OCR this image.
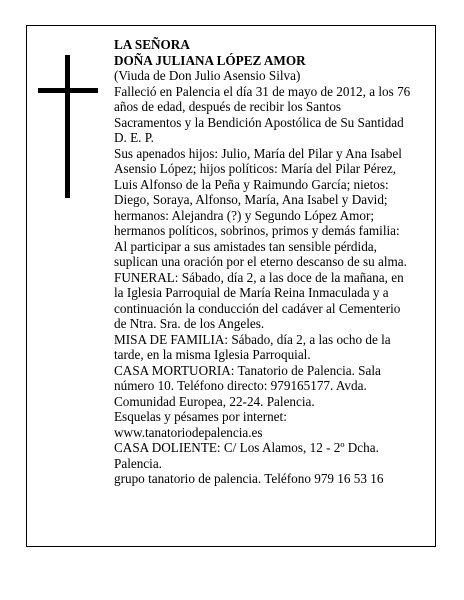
LA SEÑORA
DOÑA JULIANA LÓPEZ AMOR
(Viuda de Don Julio Asensio Silva)
Falleció en Palencia el día 31 de mayo de 2012, a los 76
años de edad, después de recibir los Santos
Sacramentos y la Bendición Apostólica de Su Santidad
D. E. P.
Sus apenados hijos: Julio, María del Pilar y Ana Isabel
Asensio López; hijos políticos: María del Pilar Pérez,
Luis Alfonso de la Peña y Raimundo García; nietos:
Diego, Soraya, Alfonso, María, Ana Isabel y David;
hermanos: Alejandra (?) y Segundo López Amor;
hermanos políticos, sobrinos, primos y demás familia:
Al participar a sus amistades tan sensible pérdida,
suplican una oración por el eterno descanso de su alma.
FUNERAL: Sábado, día 2, a las doce de la mañana, en
la Iglesia Parroquial de María Reina Inmaculada y a
continuación la conducción del cadáver al Cementerio
de Ntra. Sra. de los Angeles.
MISA DE FAMILIA: Sábado, día 2, a las ocho de la
tarde, en la misma Iglesia Parroquial.
CASA MORTUORIA: Tanatorio de Palencia. Sala
número 10. Teléfono directo: 979165177. Avda.
Comunidad Europea, 22-24. Palencia.
Esquelas y pésames por internet:
www.tanatoriodepalencia.es
CASA DOLIENTE: C/ Los Alamos, 12 - 2º Dcha.
Palencia.
grupo tanatorio de palencia. Teléfono 979 16 53 16
